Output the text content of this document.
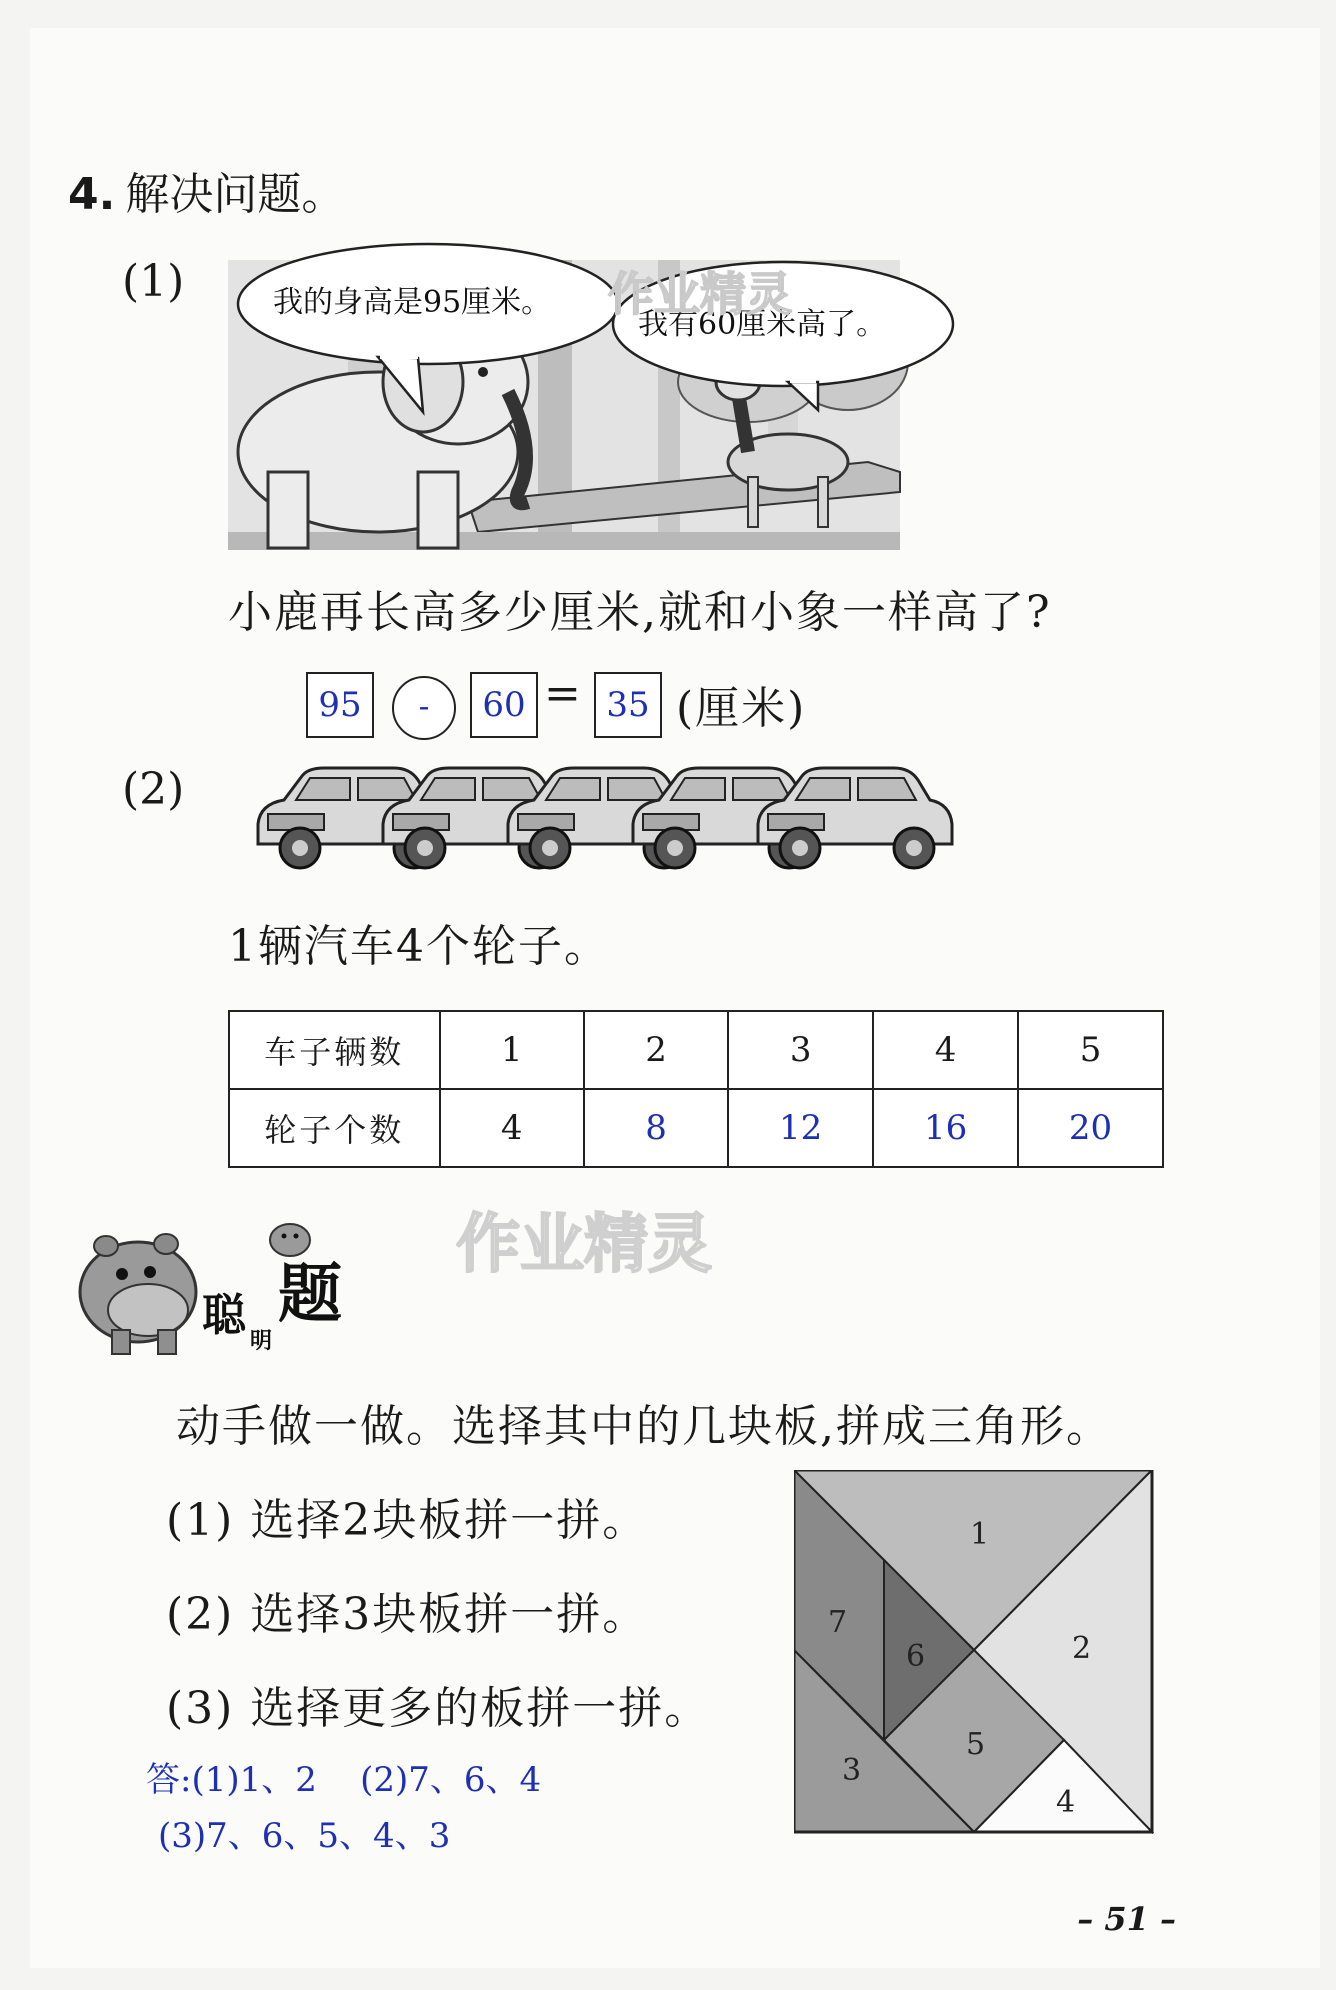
4. 解决问题。
(1)	我的身高是95厘米。
我有60厘米高了。
作业精灵
小鹿再长高多少厘米,就和小象一样高了?
95	-	60 = 35 (厘米)
(2)
1辆汽车4个轮子。
车子辆数	1	2	3	4	5
轮子个数	4	8	12	16	20
聪
明
题
作业精灵
动手做一做。选择其中的几块板,拼成三角形。
(1) 选择2块板拼一拼。
(2) 选择3块板拼一拼。
(3) 选择更多的板拼一拼。
答:(1)1、2    (2)7、6、4
(3)7、6、5、4、3
1
2
3
4
5
6
7
– 51 –
